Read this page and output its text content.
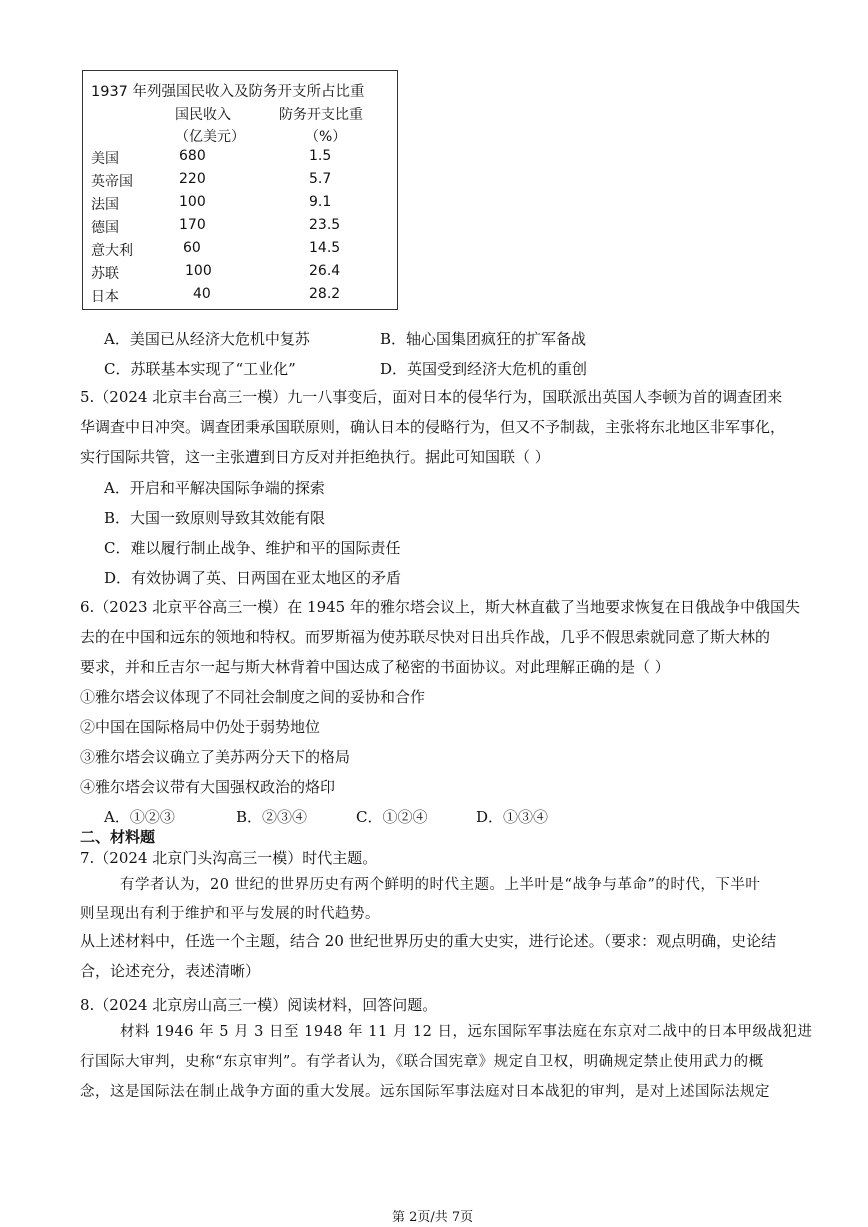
1937 年列强国民收入及防务开支所占比重
国民收入	防务开支比重
（亿美元）	（%）
美国	680	1.5
英帝国	220	5.7
法国	100	9.1
德国	170	23.5
意大利	60	14.5
苏联	100	26.4
日本	40	28.2
A．美国已从经济大危机中复苏	B．轴心国集团疯狂的扩军备战
C．苏联基本实现了“工业化”	D．英国受到经济大危机的重创
5.（2024 北京丰台高三一模）九一八事变后，面对日本的侵华行为，国联派出英国人李顿为首的调查团来
华调查中日冲突。调查团秉承国联原则，确认日本的侵略行为，但又不予制裁，主张将东北地区非军事化，
实行国际共管，这一主张遭到日方反对并拒绝执行。据此可知国联（ ）
A．开启和平解决国际争端的探索
B．大国一致原则导致其效能有限
C．难以履行制止战争、维护和平的国际责任
D．有效协调了英、日两国在亚太地区的矛盾
6.（2023 北京平谷高三一模）在 1945 年的雅尔塔会议上，斯大林直截了当地要求恢复在日俄战争中俄国失
去的在中国和远东的领地和特权。而罗斯福为使苏联尽快对日出兵作战，几乎不假思索就同意了斯大林的
要求，并和丘吉尔一起与斯大林背着中国达成了秘密的书面协议。对此理解正确的是（ ）
①雅尔塔会议体现了不同社会制度之间的妥协和合作
②中国在国际格局中仍处于弱势地位
③雅尔塔会议确立了美苏两分天下的格局
④雅尔塔会议带有大国强权政治的烙印
A．①②③	B．②③④	C．①②④	D．①③④
二、材料题
7.（2024 北京门头沟高三一模）时代主题。
有学者认为，20 世纪的世界历史有两个鲜明的时代主题。上半叶是“战争与革命”的时代，下半叶
则呈现出有利于维护和平与发展的时代趋势。
从上述材料中，任选一个主题，结合 20 世纪世界历史的重大史实，进行论述。（要求：观点明确，史论结
合，论述充分，表述清晰）
8.（2024 北京房山高三一模）阅读材料，回答问题。
材料 1946 年 5 月 3 日至 1948 年 11 月 12 日，远东国际军事法庭在东京对二战中的日本甲级战犯进
行国际大审判，史称“东京审判”。有学者认为，《联合国宪章》规定自卫权，明确规定禁止使用武力的概
念，这是国际法在制止战争方面的重大发展。远东国际军事法庭对日本战犯的审判，是对上述国际法规定
第 2页/共 7页
